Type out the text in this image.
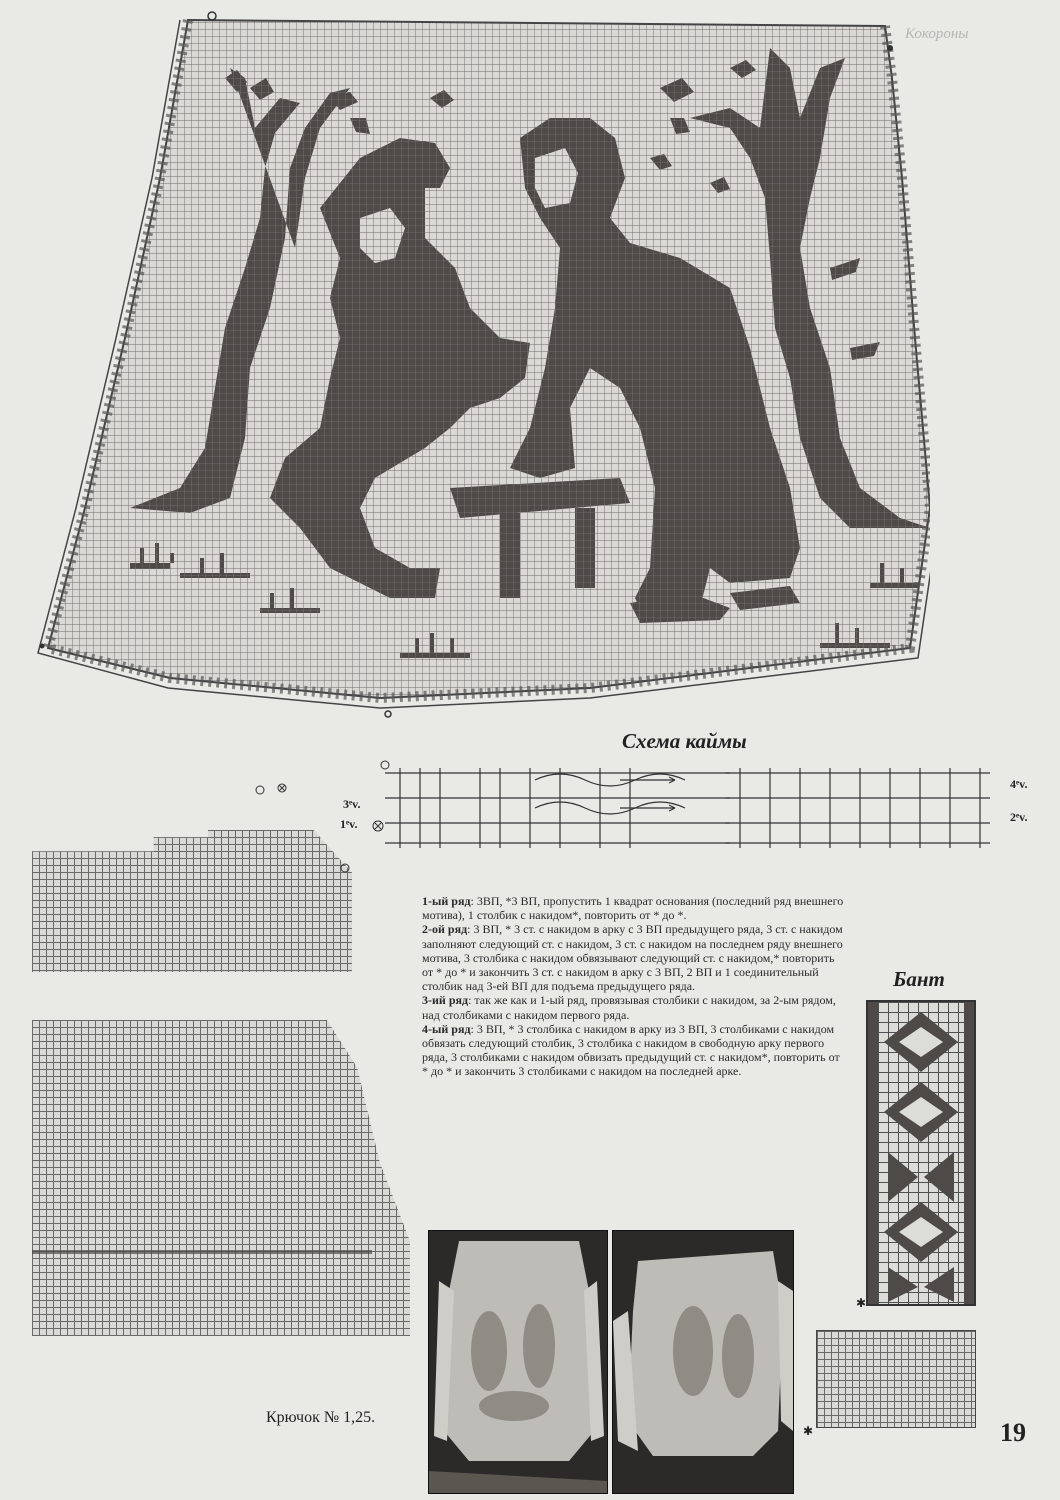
Кокороны
Схема каймы
3ᵉv.
1ᵉv.
4ᵉv.
2ᵉv.
1-ый ряд: 3ВП, *3 ВП, пропустить 1 квадрат основания (последний ряд внешнего мотива), 1 столбик с накидом*, повторить от * до *.
2-ой ряд: 3 ВП, * 3 ст. с накидом в арку с 3 ВП предыдущего ряда, 3 ст. с накидом заполняют следующий ст. с накидом, 3 ст. с накидом на последнем ряду внешнего мотива, 3 столбика с накидом обвязывают следующий ст. с накидом,* повторить от * до * и закончить 3 ст. с накидом в арку с 3 ВП, 2 ВП и 1 соединительный столбик над 3-ей ВП для подъема предыдущего ряда.
3-ий ряд: так же как и 1-ый ряд, провязывая столбики с накидом, за 2-ым рядом, над столбиками с накидом первого ряда.
4-ый ряд: 3 ВП, * 3 столбика с накидом в арку из 3 ВП, 3 столбиками с накидом обвязать следующий столбик, 3 столбика с накидом в свободную арку первого ряда, 3 столбиками с накидом обвизать предыдущий ст. с накидом*, повторить от * до * и закончить 3 столбиками с накидом на последней арке.
Бант
✱
✱
Крючок № 1,25.
19
